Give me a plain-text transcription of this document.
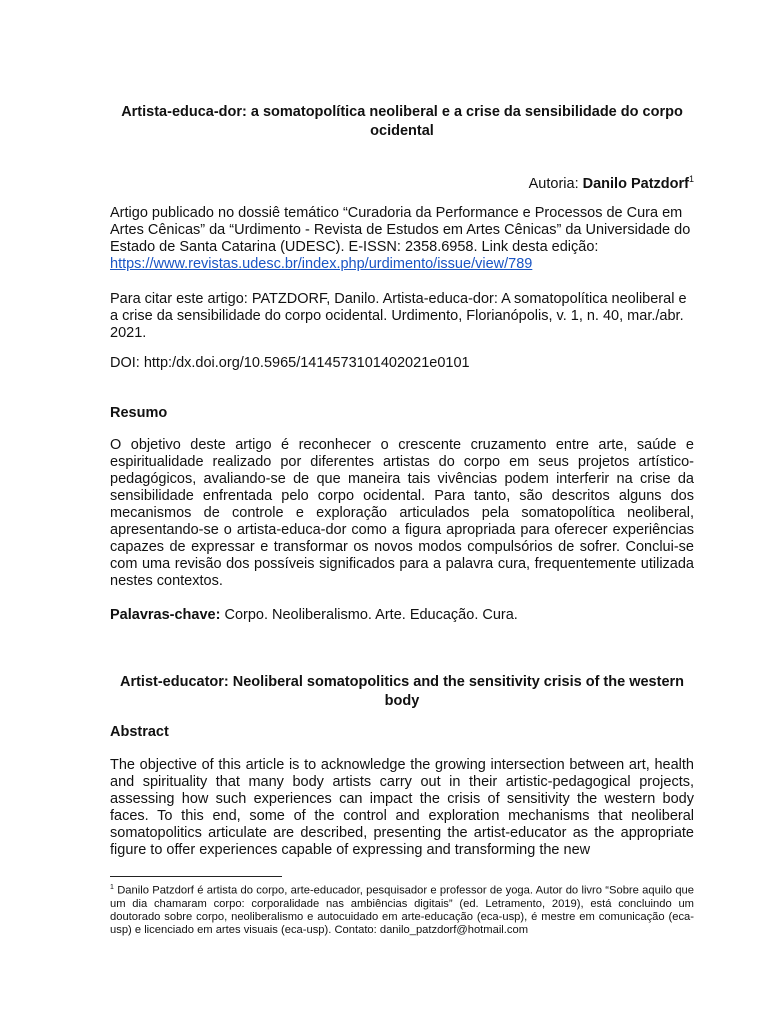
Artista-educa-dor: a somatopolítica neoliberal e a crise da sensibilidade do corpo ocidental
Autoria: Danilo Patzdorf$^1$
Artigo publicado no dossiê temático “Curadoria da Performance e Processos de Cura em Artes Cênicas” da “Urdimento - Revista de Estudos em Artes Cênicas” da Universidade do Estado de Santa Catarina (UDESC). E-ISSN: 2358.6958. Link desta edição: https://www.revistas.udesc.br/index.php/urdimento/issue/view/789
Para citar este artigo: PATZDORF, Danilo. Artista-educa-dor: A somatopolítica neoliberal e a crise da sensibilidade do corpo ocidental. Urdimento, Florianópolis, v. 1, n. 40, mar./abr. 2021.
DOI: http:/dx.doi.org/10.5965/1414573101402021e0101
Resumo
O objetivo deste artigo é reconhecer o crescente cruzamento entre arte, saúde e espiritualidade realizado por diferentes artistas do corpo em seus projetos artístico-pedagógicos, avaliando-se de que maneira tais vivências podem interferir na crise da sensibilidade enfrentada pelo corpo ocidental. Para tanto, são descritos alguns dos mecanismos de controle e exploração articulados pela somatopolítica neoliberal, apresentando-se o artista-educa-dor como a figura apropriada para oferecer experiências capazes de expressar e transformar os novos modos compulsórios de sofrer. Conclui-se com uma revisão dos possíveis significados para a palavra cura, frequentemente utilizada nestes contextos.
Palavras-chave: Corpo. Neoliberalismo. Arte. Educação. Cura.
Artist-educator: Neoliberal somatopolitics and the sensitivity crisis of the western body
Abstract
The objective of this article is to acknowledge the growing intersection between art, health and spirituality that many body artists carry out in their artistic-pedagogical projects, assessing how such experiences can impact the crisis of sensitivity the western body faces. To this end, some of the control and exploration mechanisms that neoliberal somatopolitics articulate are described, presenting the artist-educator as the appropriate figure to offer experiences capable of expressing and transforming the new
$^1$ Danilo Patzdorf é artista do corpo, arte-educador, pesquisador e professor de yoga. Autor do livro “Sobre aquilo que um dia chamaram corpo: corporalidade nas ambiências digitais” (ed. Letramento, 2019), está concluindo um doutorado sobre corpo, neoliberalismo e autocuidado em arte-educação (eca-usp), é mestre em comunicação (eca-usp) e licenciado em artes visuais (eca-usp). Contato: danilo_patzdorf@hotmail.com
